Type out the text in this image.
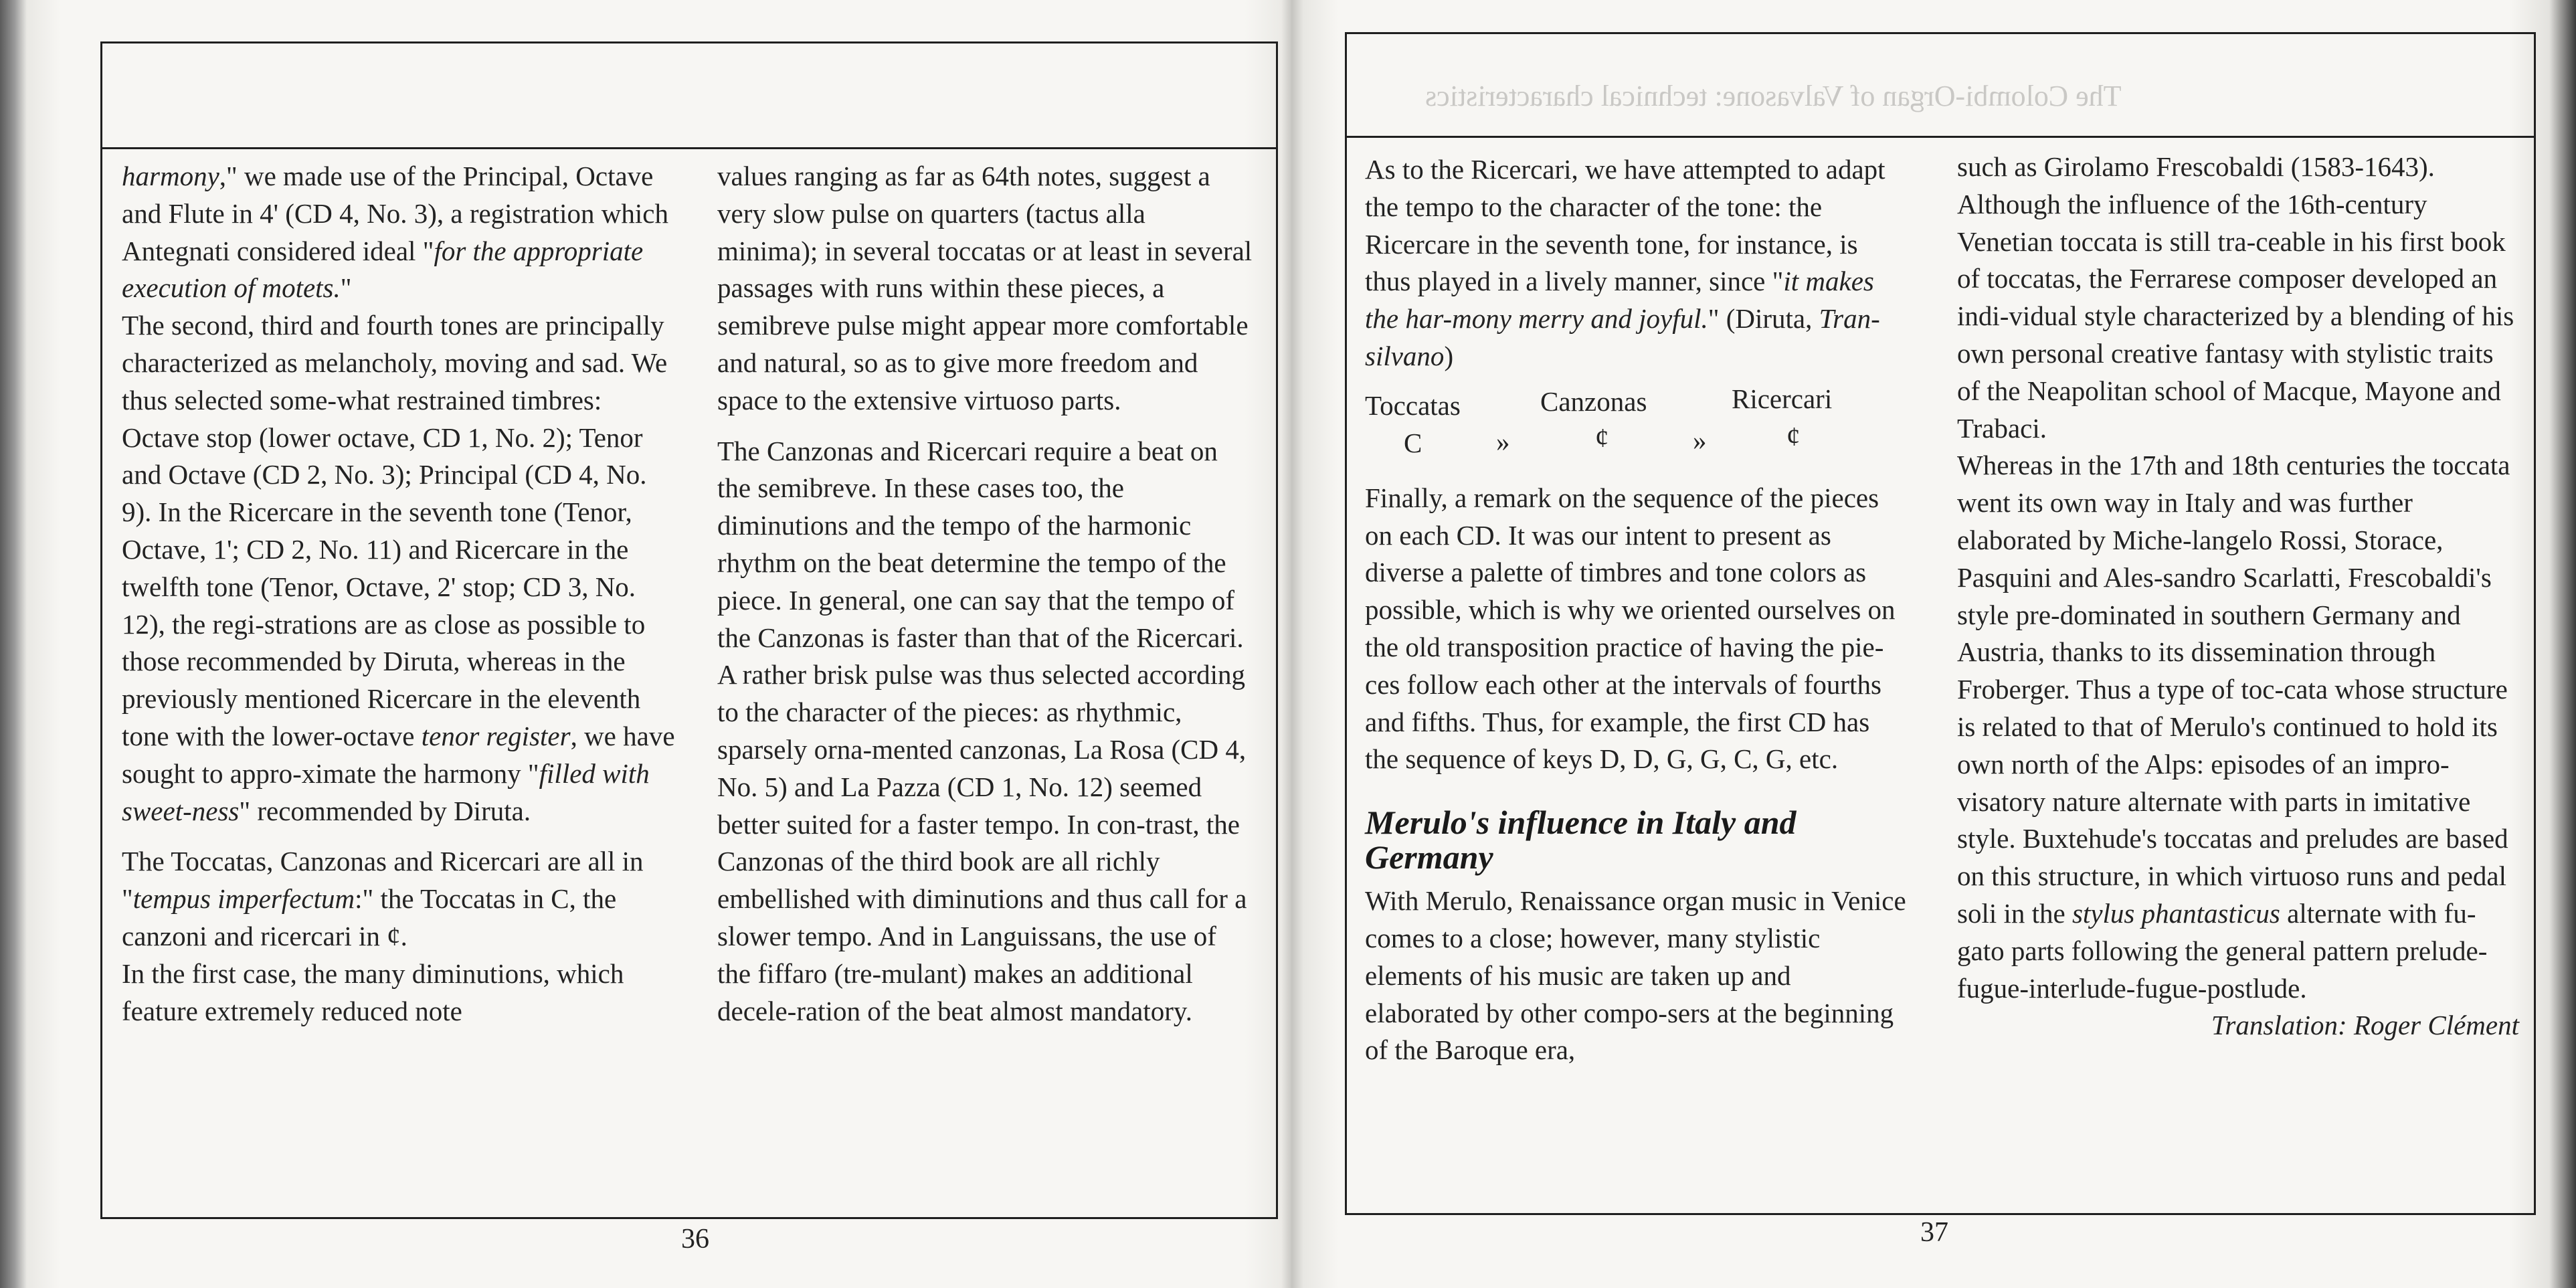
harmony," we made use of the Principal, Octave and Flute in 4' (CD 4, No. 3), a registration which Antegnati considered ideal "for the appropriate execution of motets."

The second, third and fourth tones are principally characterized as melancholy, moving and sad. We thus selected some-what restrained timbres: Octave stop (lower octave, CD 1, No. 2); Tenor and Octave (CD 2, No. 3); Principal (CD 4, No. 9). In the Ricercare in the seventh tone (Tenor, Octave, 1'; CD 2, No. 11) and Ricercare in the twelfth tone (Tenor, Octave, 2' stop; CD 3, No. 12), the regi-strations are as close as possible to those recommended by Diruta, whereas in the previously mentioned Ricercare in the eleventh tone with the lower-octave tenor register, we have sought to appro-ximate the harmony "filled with sweet-ness" recommended by Diruta.

The Toccatas, Canzonas and Ricercari are all in "tempus imperfectum:" the Toccatas in C, the canzoni and ricercari in ¢.

In the first case, the many diminutions, which feature extremely reduced note

values ranging as far as 64th notes, suggest a very slow pulse on quarters (tactus alla minima); in several toccatas or at least in several passages with runs within these pieces, a semibreve pulse might appear more comfortable and natural, so as to give more freedom and space to the extensive virtuoso parts.

The Canzonas and Ricercari require a beat on the semibreve. In these cases too, the diminutions and the tempo of the harmonic rhythm on the beat determine the tempo of the piece. In general, one can say that the tempo of the Canzonas is faster than that of the Ricercari. A rather brisk pulse was thus selected according to the character of the pieces: as rhythmic, sparsely orna-mented canzonas, La Rosa (CD 4, No. 5) and La Pazza (CD 1, No. 12) seemed better suited for a faster tempo. In con-trast, the Canzonas of the third book are all richly embellished with diminutions and thus call for a slower tempo. And in Languissans, the use of the fiffaro (tre-mulant) makes an additional decele-ration of the beat almost mandatory.

36
The Colombi-Organ of Valvasone: technical characteristics

As to the Ricercari, we have attempted to adapt the tempo to the character of the tone: the Ricercare in the seventh tone, for instance, is thus played in a lively manner, since "it makes the har-mony merry and joyful." (Diruta, Tran-silvano)

Toccatas	Canzonas	Ricercari
C	»	¢	»	¢

Finally, a remark on the sequence of the pieces on each CD. It was our intent to present as diverse a palette of timbres and tone colors as possible, which is why we oriented ourselves on the old transposition practice of having the pie-ces follow each other at the intervals of fourths and fifths. Thus, for example, the first CD has the sequence of keys D, D, G, G, C, G, etc.

Merulo's influence in Italy and Germany

With Merulo, Renaissance organ music in Venice comes to a close; however, many stylistic elements of his music are taken up and elaborated by other compo-sers at the beginning of the Baroque era,

such as Girolamo Frescobaldi (1583-1643). Although the influence of the 16th-century Venetian toccata is still tra-ceable in his first book of toccatas, the Ferrarese composer developed an indi-vidual style characterized by a blending of his own personal creative fantasy with stylistic traits of the Neapolitan school of Macque, Mayone and Trabaci.

Whereas in the 17th and 18th centuries the toccata went its own way in Italy and was further elaborated by Miche-langelo Rossi, Storace, Pasquini and Ales-sandro Scarlatti, Frescobaldi's style pre-dominated in southern Germany and Austria, thanks to its dissemination through Froberger. Thus a type of toc-cata whose structure is related to that of Merulo's continued to hold its own north of the Alps: episodes of an impro-visatory nature alternate with parts in imitative style. Buxtehude's toccatas and preludes are based on this structure, in which virtuoso runs and pedal soli in the stylus phantasticus alternate with fu-gato parts following the general pattern prelude-fugue-interlude-fugue-postlude.

Translation: Roger Clément

37
